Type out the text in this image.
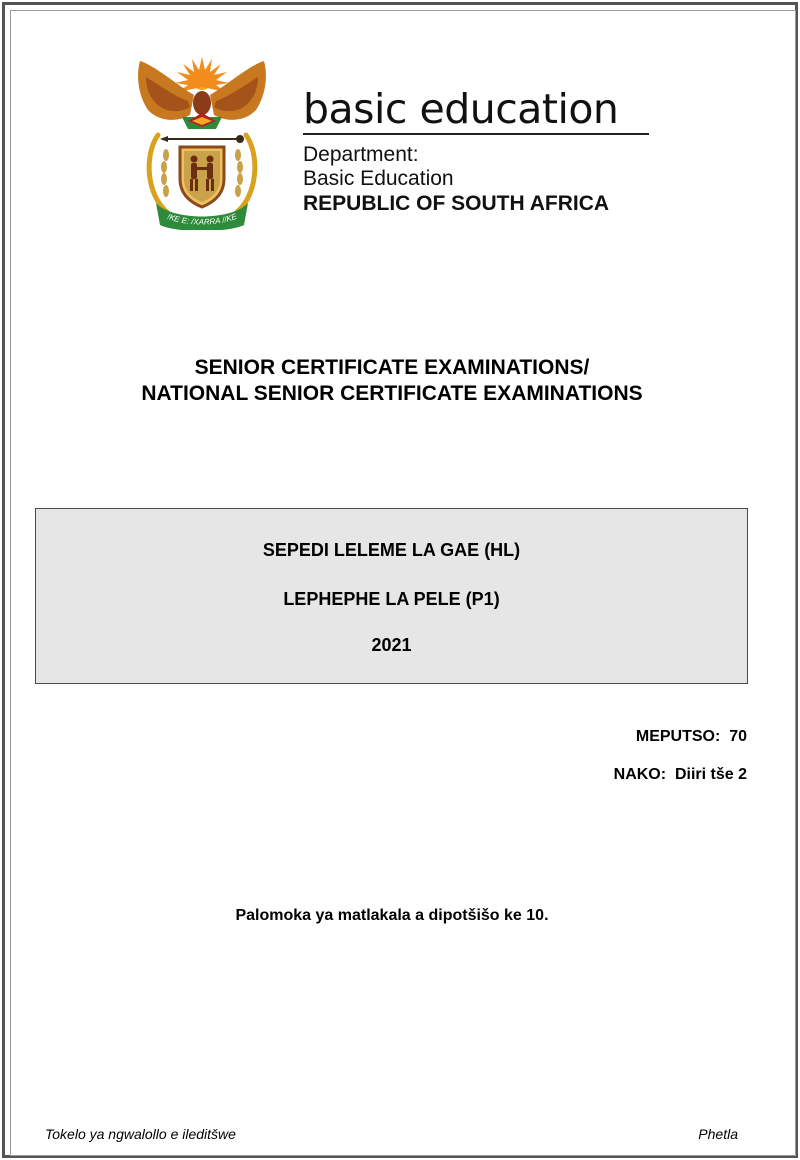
!KE E: /XARRA //KE
basic education
Department:
Basic Education
REPUBLIC OF SOUTH AFRICA
SENIOR CERTIFICATE EXAMINATIONS/
NATIONAL SENIOR CERTIFICATE EXAMINATIONS
SEPEDI LELEME LA GAE (HL)
LEPHEPHE LA PELE (P1)
2021
MEPUTSO:  70
NAKO:  Diiri tše 2
Palomoka ya matlakala a dipotšišo ke 10.
Tokelo ya ngwalollo e ileditšwe	Phetla
